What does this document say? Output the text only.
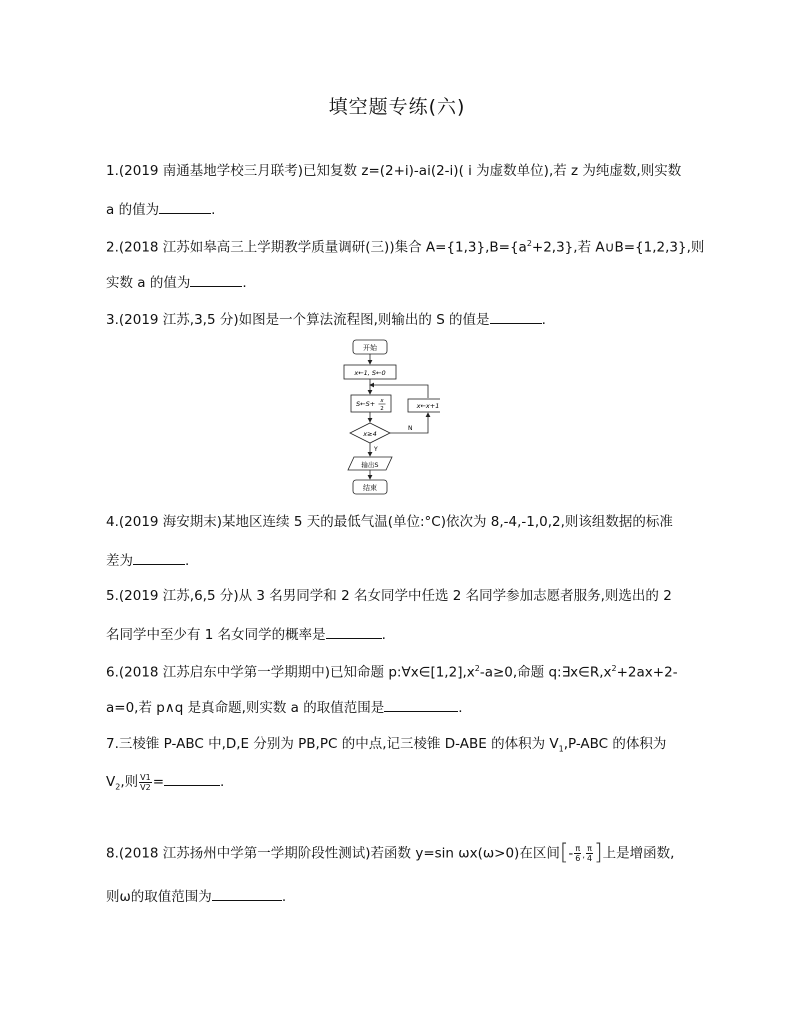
填空题专练(六)
1.(2019 南通基地学校三月联考)已知复数 z=(2+i)-ai(2-i)( i 为虚数单位),若 z 为纯虚数,则实数
a 的值为	.
2.(2018 江苏如皋高三上学期教学质量调研(三))集合 $A=\{1,3\},B=\{a^2+2,3\}$,若 A∪B={1,2,3},则
实数 a 的值为	.
3.(2019 江苏,3,5 分)如图是一个算法流程图,则输出的 S 的值是	.
开始
x←1, S←0
S←S+ x
2	x←x+1
x≥4
N
Y
输出S
结束
4.(2019 海安期末)某地区连续 5 天的最低气温(单位:°C)依次为 8,-4,-1,0,2,则该组数据的标准
差为	.
5.(2019 江苏,6,5 分)从 3 名男同学和 2 名女同学中任选 2 名同学参加志愿者服务,则选出的 2
名同学中至少有 1 名女同学的概率是	.
6.(2018 江苏启东中学第一学期期中)已知命题 $p:\forall x\in[1,2],x^2-a\ge 0$,命题 $q:\exists x\in R,x^2+2ax+2-$
a=0,若 p∧q 是真命题,则实数 a 的取值范围是	.
7.三棱锥 P-ABC 中,D,E 分别为 PB,PC 的中点,记三棱锥 D-ABE 的体积为 $V_1,P$-ABC 的体积为
$V_2$,则 $\frac{V1}{V2}$ =	.
8.(2018 江苏扬州中学第一学期阶段性测试)若函数 y=sin ωx(ω>0)在区间[- $\frac{\pi}{6}$ , $\frac{\pi}{4}$ ]上是增函数,
则ω的取值范围为	.
